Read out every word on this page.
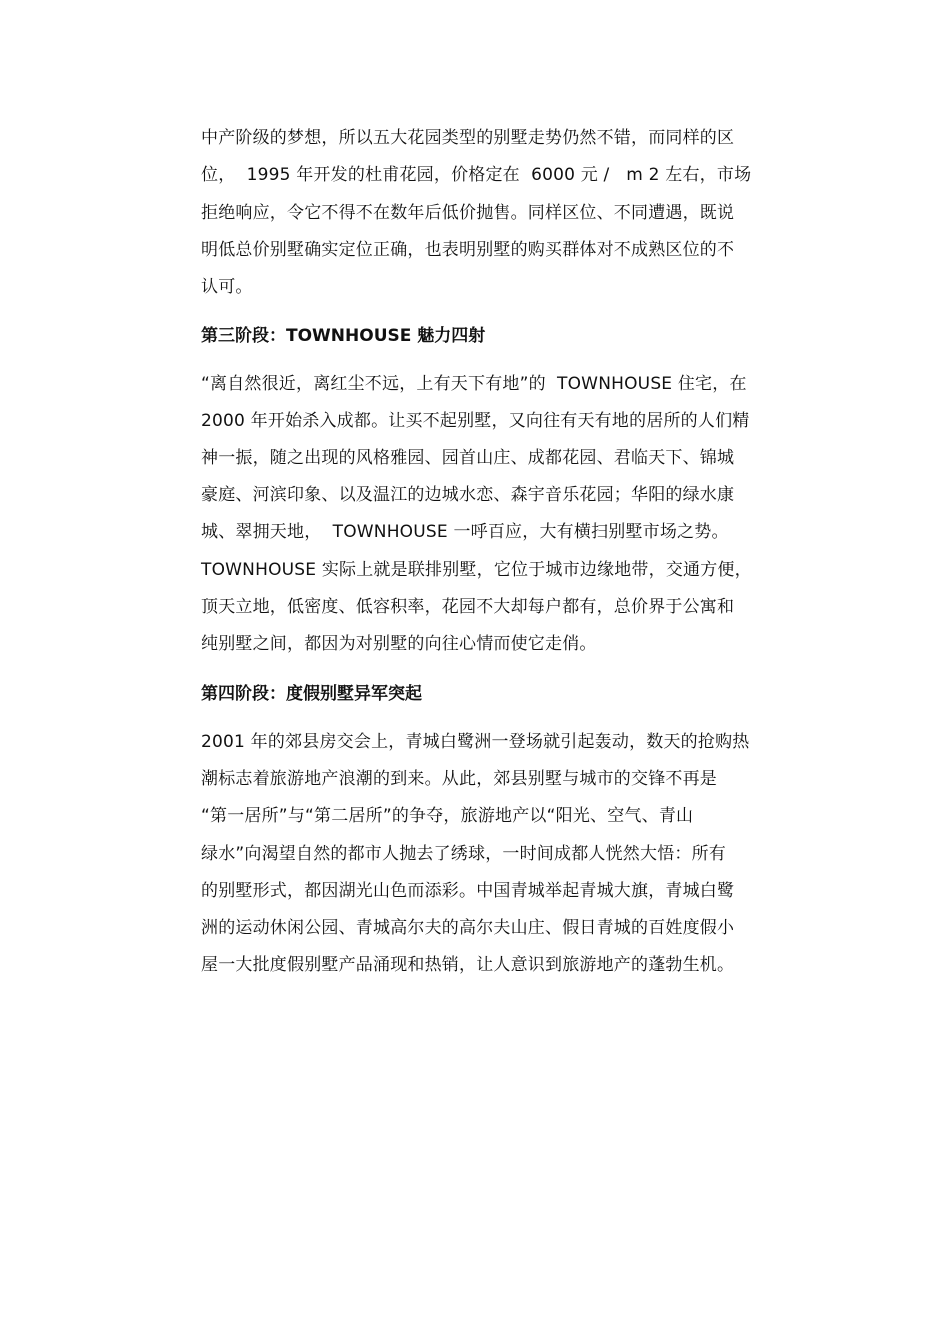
中产阶级的梦想，所以五大花园类型的别墅走势仍然不错，而同样的区
位，  1995 年开发的杜甫花园，价格定在  6000 元 /   m 2 左右，市场
拒绝响应，令它不得不在数年后低价抛售。同样区位、不同遭遇，既说
明低总价别墅确实定位正确，也表明别墅的购买群体对不成熟区位的不
认可。
第三阶段：TOWNHOUSE 魅力四射
“离自然很近，离红尘不远，上有天下有地”的  TOWNHOUSE 住宅，在
2000 年开始杀入成都。让买不起别墅，又向往有天有地的居所的人们精
神一振，随之出现的风格雅园、园首山庄、成都花园、君临天下、锦城
豪庭、河滨印象、以及温江的边城水恋、森宇音乐花园；华阳的绿水康
城、翠拥天地，  TOWNHOUSE 一呼百应，大有横扫别墅市场之势。
TOWNHOUSE 实际上就是联排别墅，它位于城市边缘地带，交通方便，
顶天立地，低密度、低容积率，花园不大却每户都有，总价界于公寓和
纯别墅之间，都因为对别墅的向往心情而使它走俏。
第四阶段：度假别墅异军突起
2001 年的郊县房交会上，青城白鹭洲一登场就引起轰动，数天的抢购热
潮标志着旅游地产浪潮的到来。从此，郊县别墅与城市的交锋不再是
“第一居所”与“第二居所”的争夺，旅游地产以“阳光、空气、青山
绿水”向渴望自然的都市人抛去了绣球，一时间成都人恍然大悟：所有
的别墅形式，都因湖光山色而添彩。中国青城举起青城大旗，青城白鹭
洲的运动休闲公园、青城高尔夫的高尔夫山庄、假日青城的百姓度假小
屋一大批度假别墅产品涌现和热销，让人意识到旅游地产的蓬勃生机。
